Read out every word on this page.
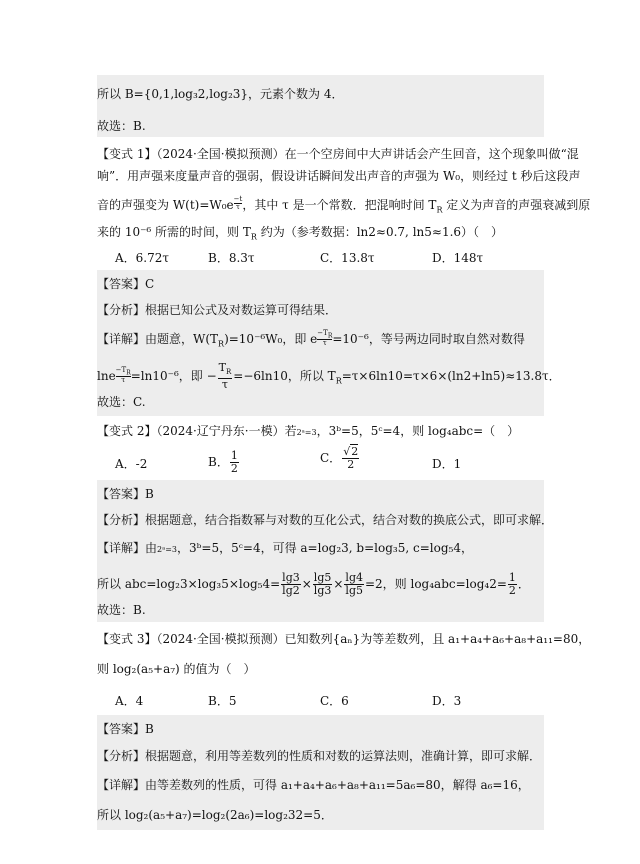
所以 B={0,1,log₃2,log₂3}，元素个数为 4．
故选：B.
【变式 1】（2024·全国·模拟预测）在一个空房间中大声讲话会产生回音，这个现象叫做“混
响”．用声强来度量声音的强弱，假设讲话瞬间发出声音的声强为 W₀，则经过 t 秒后这段声
音的声强变为 $W(t)=W_0e \frac{-t}{\tau}$ ，其中 τ 是一个常数．把混响时间 $T_R$ 定义为声音的声强衰减到原
来的 10⁻⁶ 所需的时间，则 $T_R$ 约为（参考数据：ln2≈0.7, ln5≈1.6）（　）
A．6.72τ	B．8.3τ	C．13.8τ	D．148τ
【答案】C
【分析】根据已知公式及对数运算可得结果．
【详解】由题意，$W(T_R)=10^{-6}W_0$，即 e $\frac{-T_R}{\tau} =10^{-6}$，等号两边同时取自然对数得
lne $\frac{-T_R}{\tau} =\ln 10^{-6}$，即 − $\frac{T_R}{\tau} =-6\ln 10$，所以 $T_R=\tau\times 6\ln 10=\tau\times 6\times(\ln 2+\ln 5)\approx 13.8\tau$．
故选：C.
【变式 2】（2024·辽宁丹东·一模）若2ᵃ=3，3ᵇ=5，5ᶜ=4，则 log₄abc=（　）
A．-2	B． $\frac{1}{2}$	C． $\frac{√2}{2}$	D．1
【答案】B
【分析】根据题意，结合指数幂与对数的互化公式，结合对数的换底公式，即可求解．
【详解】由2ᵃ=3，3ᵇ=5，5ᶜ=4，可得 a=log₂3, b=log₃5, c=log₅4，
所以 $abc=\log_23\times\log_35\times\log_54= \frac{\lg 3}{\lg 2} \times \frac{\lg 5}{\lg 3} \times \frac{\lg 4}{\lg 5} =2$，则 $\log_4abc=\log_42= \frac{1}{2}$ ．
故选：B.
【变式 3】（2024·全国·模拟预测）已知数列{aₙ}为等差数列，且 a₁+a₄+a₆+a₈+a₁₁=80，
则 log₂(a₅+a₇) 的值为（　）
A．4	B．5	C．6	D．3
【答案】B
【分析】根据题意，利用等差数列的性质和对数的运算法则，准确计算，即可求解．
【详解】由等差数列的性质，可得 a₁+a₄+a₆+a₈+a₁₁=5a₆=80，解得 a₆=16，
所以 log₂(a₅+a₇)=log₂(2a₆)=log₂32=5．
